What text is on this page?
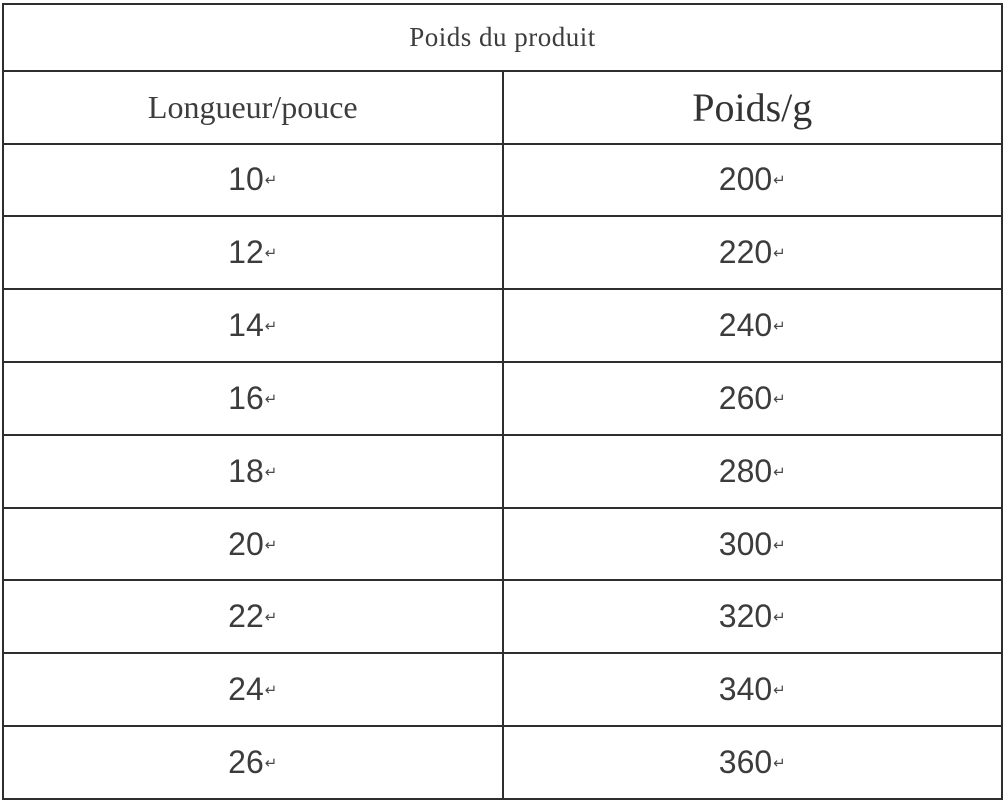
Poids du produit	
Longueur/pouce	Poids/g
10↵	200↵
12↵	220↵
14↵	240↵
16↵	260↵
18↵	280↵
20↵	300↵
22↵	320↵
24↵	340↵
26↵	360↵
